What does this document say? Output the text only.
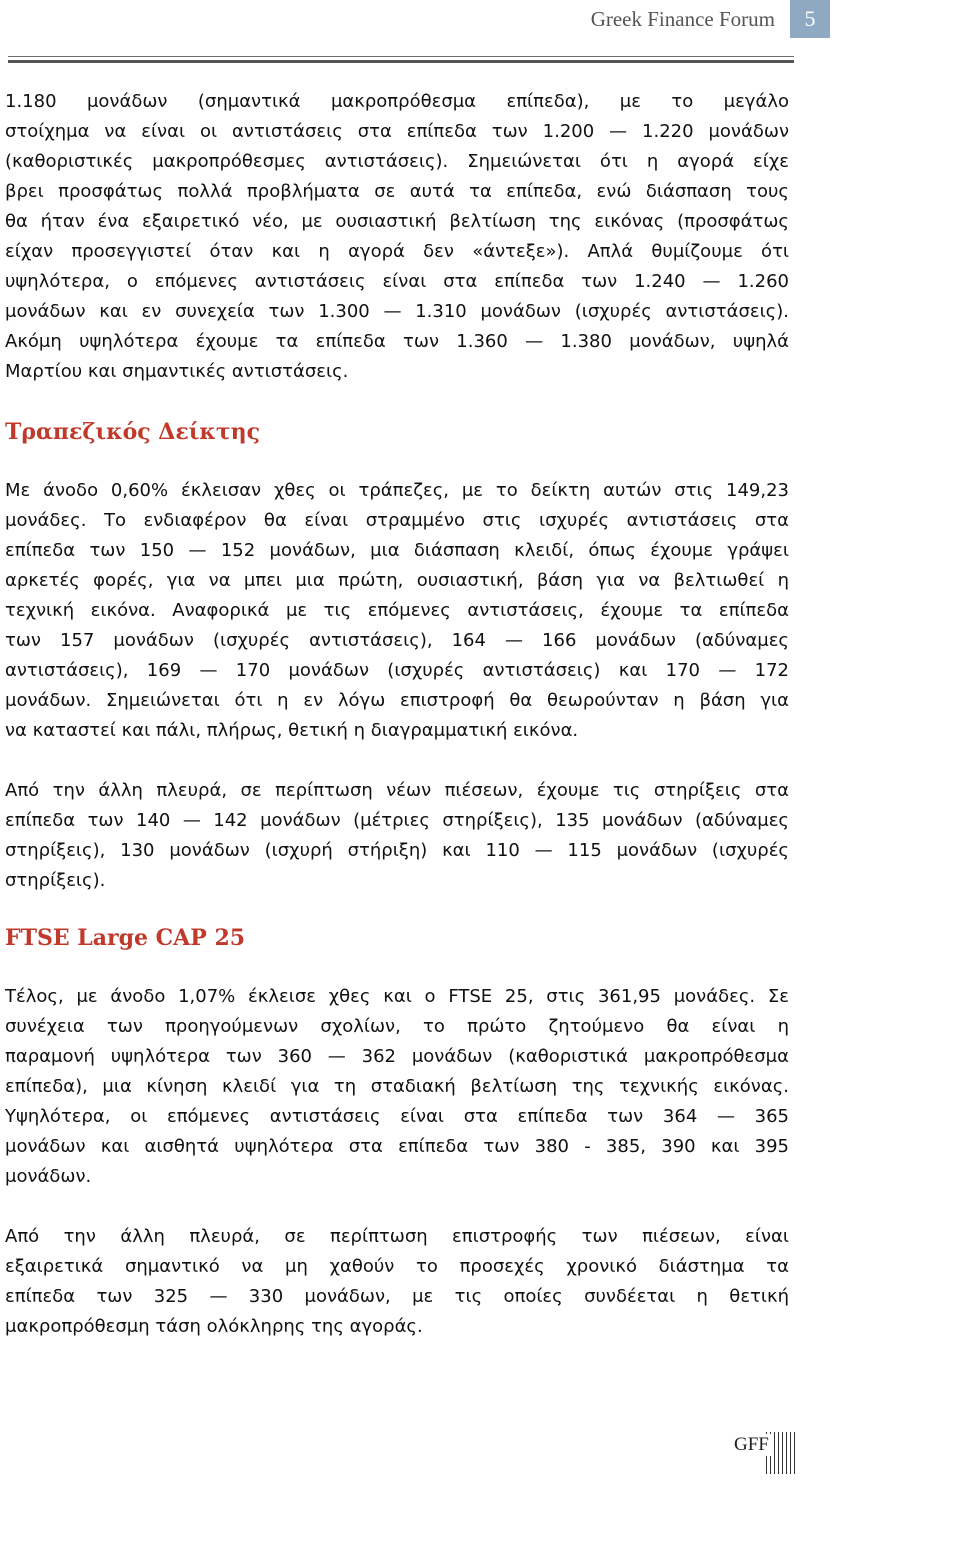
Greek Finance Forum	5

1.180 μονάδων (σημαντικά μακροπρόθεσμα επίπεδα), με το μεγάλο
στοίχημα να είναι οι αντιστάσεις στα επίπεδα των 1.200 — 1.220 μονάδων
(καθοριστικές μακροπρόθεσμες αντιστάσεις). Σημειώνεται ότι η αγορά είχε
βρει προσφάτως πολλά προβλήματα σε αυτά τα επίπεδα, ενώ διάσπαση τους
θα ήταν ένα εξαιρετικό νέο, με ουσιαστική βελτίωση της εικόνας (προσφάτως
είχαν προσεγγιστεί όταν και η αγορά δεν «άντεξε»). Απλά θυμίζουμε ότι
υψηλότερα, ο επόμενες αντιστάσεις είναι στα επίπεδα των 1.240 — 1.260
μονάδων και εν συνεχεία των 1.300 — 1.310 μονάδων (ισχυρές αντιστάσεις).
Ακόμη υψηλότερα έχουμε τα επίπεδα των 1.360 — 1.380 μονάδων, υψηλά
Μαρτίου και σημαντικές αντιστάσεις.

Τραπεζικός Δείκτης

Με άνοδο 0,60% έκλεισαν χθες οι τράπεζες, με το δείκτη αυτών στις 149,23
μονάδες. Το ενδιαφέρον θα είναι στραμμένο στις ισχυρές αντιστάσεις στα
επίπεδα των 150 — 152 μονάδων, μια διάσπαση κλειδί, όπως έχουμε γράψει
αρκετές φορές, για να μπει μια πρώτη, ουσιαστική, βάση για να βελτιωθεί η
τεχνική εικόνα. Αναφορικά με τις επόμενες αντιστάσεις, έχουμε τα επίπεδα
των 157 μονάδων (ισχυρές αντιστάσεις), 164 — 166 μονάδων (αδύναμες
αντιστάσεις), 169 — 170 μονάδων (ισχυρές αντιστάσεις) και 170 — 172
μονάδων. Σημειώνεται ότι η εν λόγω επιστροφή θα θεωρούνταν η βάση για
να καταστεί και πάλι, πλήρως, θετική η διαγραμματική εικόνα.

Από την άλλη πλευρά, σε περίπτωση νέων πιέσεων, έχουμε τις στηρίξεις στα
επίπεδα των 140 — 142 μονάδων (μέτριες στηρίξεις), 135 μονάδων (αδύναμες
στηρίξεις), 130 μονάδων (ισχυρή στήριξη) και 110 — 115 μονάδων (ισχυρές
στηρίξεις).

FTSE Large CAP 25

Τέλος, με άνοδο 1,07% έκλεισε χθες και ο FTSE 25, στις 361,95 μονάδες. Σε
συνέχεια των προηγούμενων σχολίων, το πρώτο ζητούμενο θα είναι η
παραμονή υψηλότερα των 360 — 362 μονάδων (καθοριστικά μακροπρόθεσμα
επίπεδα), μια κίνηση κλειδί για τη σταδιακή βελτίωση της τεχνικής εικόνας.
Υψηλότερα, οι επόμενες αντιστάσεις είναι στα επίπεδα των 364 — 365
μονάδων και αισθητά υψηλότερα στα επίπεδα των 380 - 385, 390 και 395
μονάδων.

Από την άλλη πλευρά, σε περίπτωση επιστροφής των πιέσεων, είναι
εξαιρετικά σημαντικό να μη χαθούν το προσεχές χρονικό διάστημα τα
επίπεδα των 325 — 330 μονάδων, με τις οποίες συνδέεται η θετική
μακροπρόθεσμη τάση ολόκληρης της αγοράς.

GFF
